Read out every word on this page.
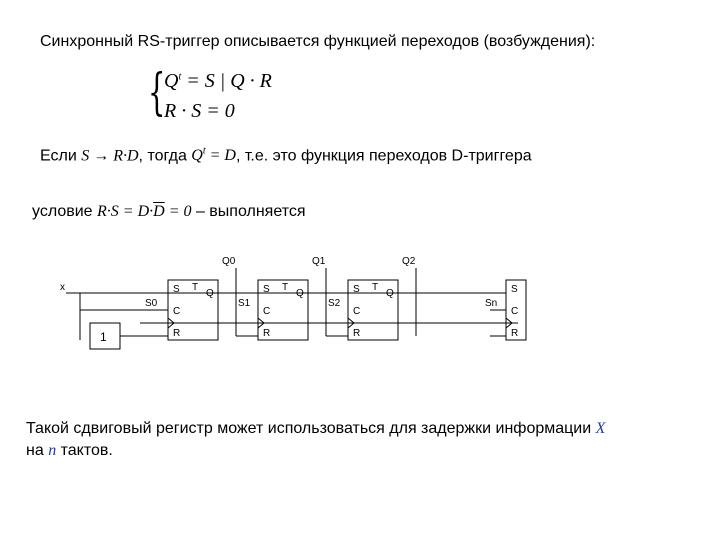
Синхронный RS-триггер описывается функцией переходов (возбуждения):
{
$Q^t = S$ | Q · R
R · S = 0
Если S → R·D, тогда $Q^t = D$, т.е. это функция переходов D-триггера
условие $R\cdot S = D\cdot\overline{D} = 0$ – выполняется
x
1
Q0	Q1	Q2
S0	S1	S2	Sn
S T
C
R
Q	S T
C
R
Q	S T
C
R
Q	S
C
R
Такой сдвиговый регистр может использоваться для задержки информации X
на n тактов.
